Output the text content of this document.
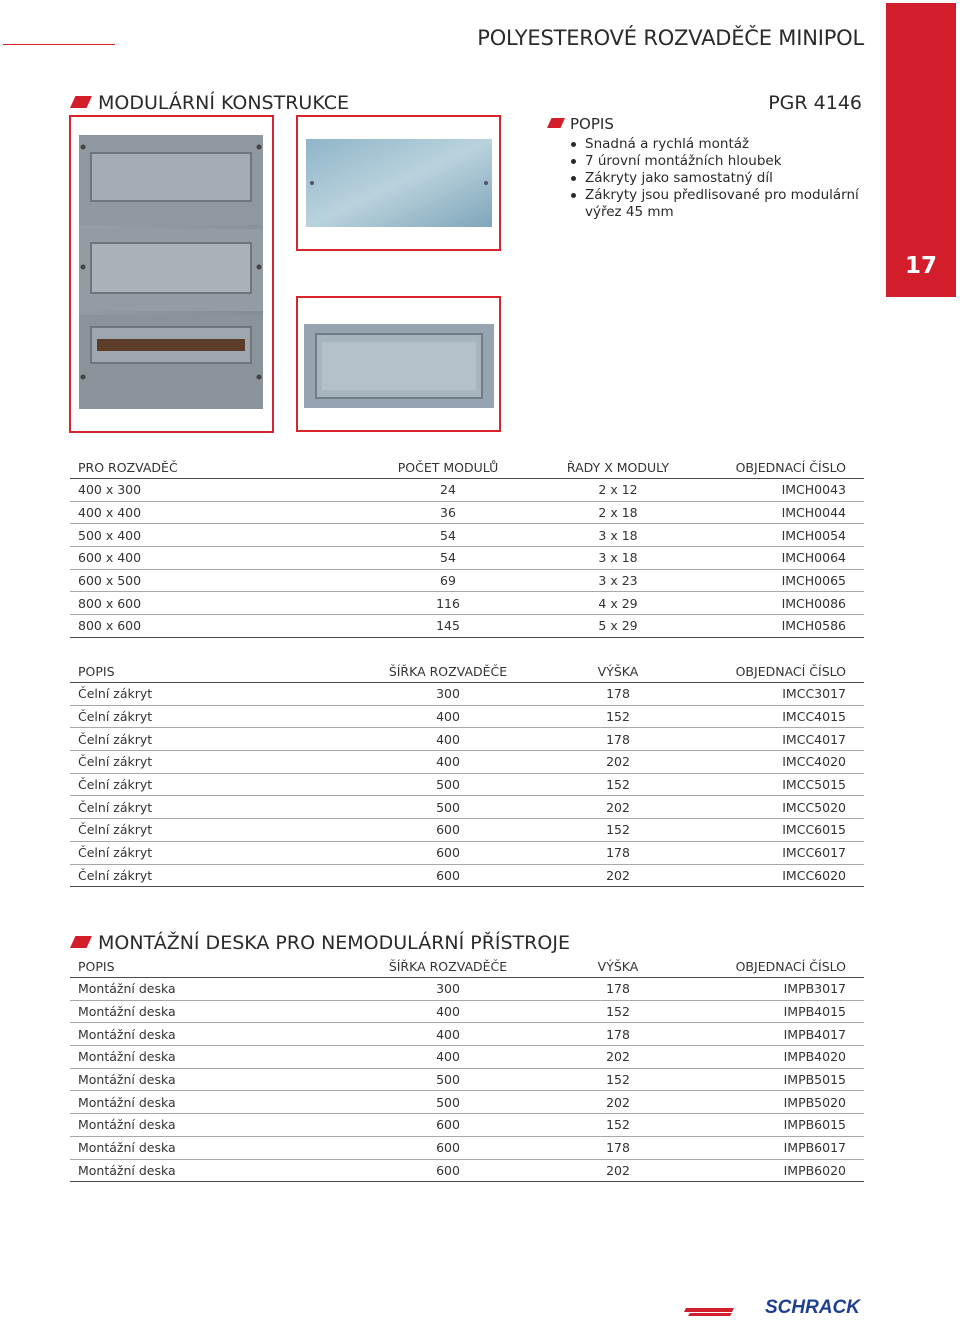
POLYESTEROVÉ ROZVADĚČE MINIPOL
17
MODULÁRNÍ KONSTRUKCE	PGR 4146
POPIS
Snadná a rychlá montáž
7 úrovní montážních hloubek
Zákryty jako samostatný díl
Zákryty jsou předlisované pro modulární výřez 45 mm
PRO ROZVADĚČ	POČET MODULŮ	ŘADY X MODULY	OBJEDNACÍ ČÍSLO
400 x 300	24	2 x 12	IMCH0043
400 x 400	36	2 x 18	IMCH0044
500 x 400	54	3 x 18	IMCH0054
600 x 400	54	3 x 18	IMCH0064
600 x 500	69	3 x 23	IMCH0065
800 x 600	116	4 x 29	IMCH0086
800 x 600	145	5 x 29	IMCH0586
POPIS	ŠÍŘKA ROZVADĚČE	VÝŠKA	OBJEDNACÍ ČÍSLO
Čelní zákryt	300	178	IMCC3017
Čelní zákryt	400	152	IMCC4015
Čelní zákryt	400	178	IMCC4017
Čelní zákryt	400	202	IMCC4020
Čelní zákryt	500	152	IMCC5015
Čelní zákryt	500	202	IMCC5020
Čelní zákryt	600	152	IMCC6015
Čelní zákryt	600	178	IMCC6017
Čelní zákryt	600	202	IMCC6020
MONTÁŽNÍ DESKA PRO NEMODULÁRNÍ PŘÍSTROJE
POPIS	ŠÍŘKA ROZVADĚČE	VÝŠKA	OBJEDNACÍ ČÍSLO
Montážní deska	300	178	IMPB3017
Montážní deska	400	152	IMPB4015
Montážní deska	400	178	IMPB4017
Montážní deska	400	202	IMPB4020
Montážní deska	500	152	IMPB5015
Montážní deska	500	202	IMPB5020
Montážní deska	600	152	IMPB6015
Montážní deska	600	178	IMPB6017
Montážní deska	600	202	IMPB6020
SCHRACK
